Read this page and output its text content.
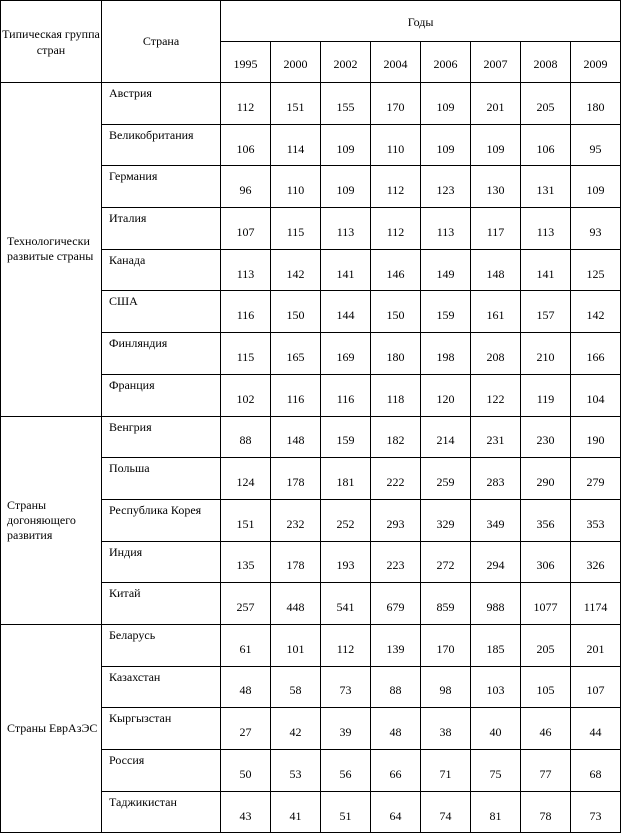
Типическая группа стран	Страна	Годы							
		1995	2000	2002	2004	2006	2007	2008	2009
Технологически развитые страны	Австрия	112	151	155	170	109	201	205	180
	Великобритания	106	114	109	110	109	109	106	95
	Германия	96	110	109	112	123	130	131	109
	Италия	107	115	113	112	113	117	113	93
	Канада	113	142	141	146	149	148	141	125
	США	116	150	144	150	159	161	157	142
	Финляндия	115	165	169	180	198	208	210	166
	Франция	102	116	116	118	120	122	119	104
Страны догоняющего развития	Венгрия	88	148	159	182	214	231	230	190
	Польша	124	178	181	222	259	283	290	279
	Республика Корея	151	232	252	293	329	349	356	353
	Индия	135	178	193	223	272	294	306	326
	Китай	257	448	541	679	859	988	1077	1174
Страны ЕврАзЭС	Беларусь	61	101	112	139	170	185	205	201
	Казахстан	48	58	73	88	98	103	105	107
	Кыргызстан	27	42	39	48	38	40	46	44
	Россия	50	53	56	66	71	75	77	68
	Таджикистан	43	41	51	64	74	81	78	73
